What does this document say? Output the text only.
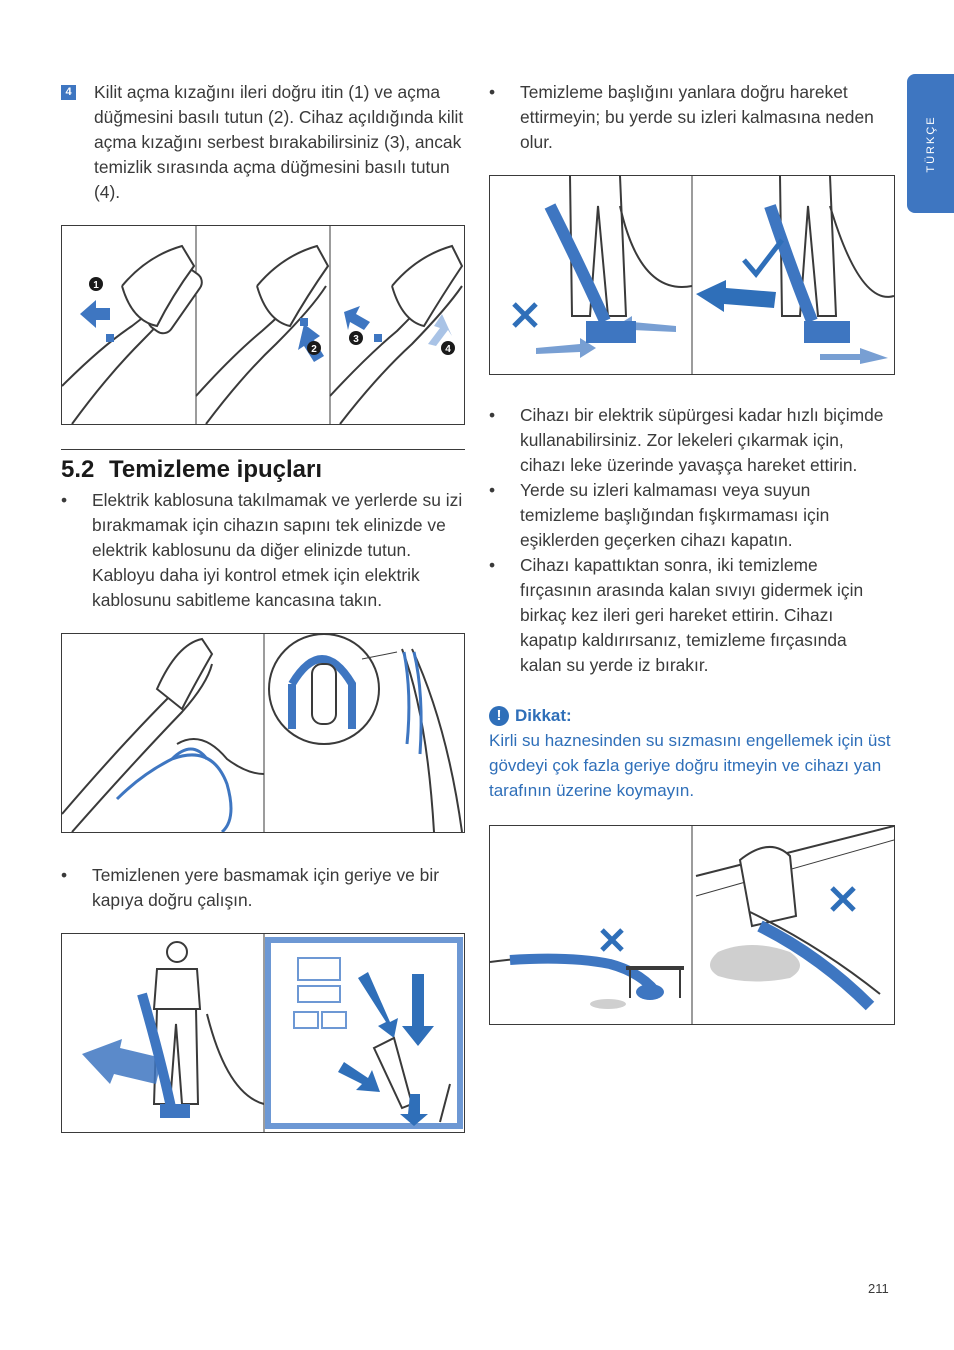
TÜRKÇE
4 Kilit açma kızağını ileri doğru itin (1) ve açma düğmesini basılı tutun (2). Cihaz açıldığında kilit açma kızağını serbest bırakabilirsiniz (3), ancak temizlik sırasında açma düğmesini basılı tutun (4).

1
2
3
4
5.2 Temizleme ipuçları
• Elektrik kablosuna takılmamak ve yerlerde su izi bırakmamak için cihazın sapını tek elinizde ve elektrik kablosunu da diğer elinizde tutun. Kabloyu daha iyi kontrol etmek için elektrik kablosunu sabitleme kancasına takın.
• Temizlenen yere basmamak için geriye ve bir kapıya doğru çalışın.
• Temizleme başlığını yanlara doğru hareket ettirmeyin; bu yerde su izleri kalmasına neden olur.
• Cihazı bir elektrik süpürgesi kadar hızlı biçimde kullanabilirsiniz. Zor lekeleri çıkarmak için, cihazı leke üzerinde yavaşça hareket ettirin.
• Yerde su izleri kalmaması veya suyun temizleme başlığından fışkırmaması için eşiklerden geçerken cihazı kapatın.
• Cihazı kapattıktan sonra, iki temizleme fırçasının arasında kalan sıvıyı gidermek için birkaç kez ileri geri hareket ettirin. Cihazı kapatıp kaldırırsanız, temizleme fırçasında kalan su yerde iz bırakır.
! Dikkat:

Kirli su haznesinden su sızmasını engellemek için üst gövdeyi çok fazla geriye doğru itmeyin ve cihazı yan tarafının üzerine koymayın.

211
